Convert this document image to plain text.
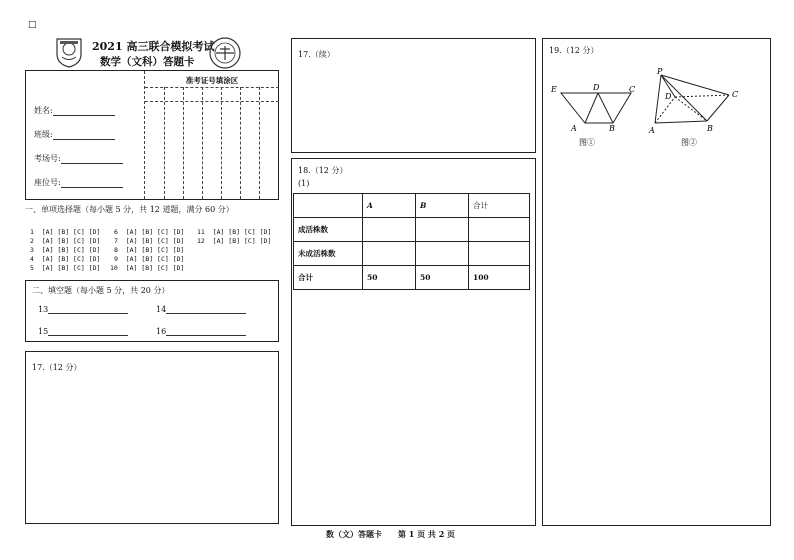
□
2021 高三联合模拟考试
数学（文科）答题卡
姓名:
班级:
考场号:
座位号:
准考证号填涂区
一、单项选择题（每小题 5 分，共 12 道题，满分 60 分）
1 [A] [B] [C] [D]
2 [A] [B] [C] [D]
3 [A] [B] [C] [D]
4 [A] [B] [C] [D]
5 [A] [B] [C] [D]
6 [A] [B] [C] [D]
7 [A] [B] [C] [D]
8 [A] [B] [C] [D]
9 [A] [B] [C] [D]
10 [A] [B] [C] [D]
11 [A] [B] [C] [D]
12 [A] [B] [C] [D]
二、填空题（每小题 5 分，共 20 分）
13	14
15	16
17.（12 分）
17.（续）
18.（12 分）
(1)
	A	B	合计
成活株数			
未成活株数			
合计	50	50	100
19.（12 分）
E	D	C
A	B
图①
P
D	C
A	B
图②
数（文）答题卡　　第 1 页 共 2 页
